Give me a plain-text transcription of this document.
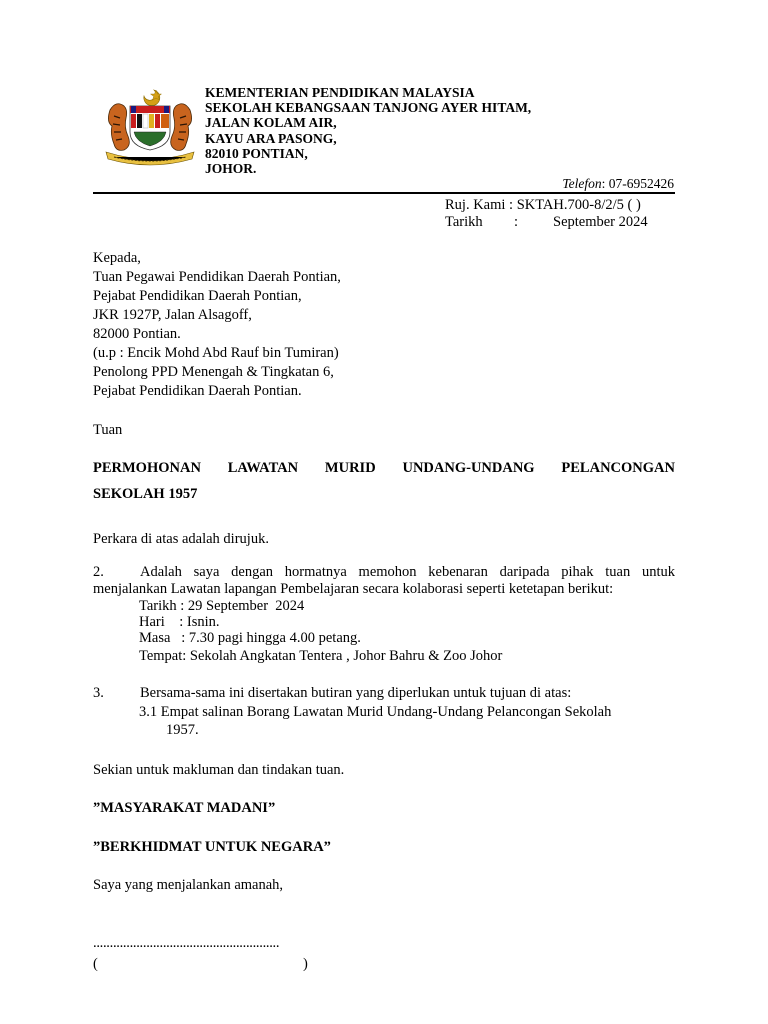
KEMENTERIAN PENDIDIKAN MALAYSIA
SEKOLAH KEBANGSAAN TANJONG AYER HITAM,
JALAN KOLAM AIR,
KAYU ARA PASONG,
82010 PONTIAN,
JOHOR.
Telefon: 07-6952426
Ruj. Kami : SKTAH.700-8/2/5 ( )
Tarikh : September 2024
Kepada,
Tuan Pegawai Pendidikan Daerah Pontian,
Pejabat Pendidikan Daerah Pontian,
JKR 1927P, Jalan Alsagoff,
82000 Pontian.
(u.p : Encik Mohd Abd Rauf bin Tumiran)
Penolong PPD Menengah & Tingkatan 6,
Pejabat Pendidikan Daerah Pontian.
Tuan
PERMOHONAN LAWATAN MURID UNDANG-UNDANG PELANCONGAN
SEKOLAH 1957
Perkara di atas adalah dirujuk.
2. Adalah saya dengan hormatnya memohon kebenaran daripada pihak tuan untuk
menjalankan Lawatan lapangan Pembelajaran secara kolaborasi seperti ketetapan berikut:
Tarikh : 29 September  2024
Hari    : Isnin.
Masa   : 7.30 pagi hingga 4.00 petang.
Tempat: Sekolah Angkatan Tentera , Johor Bahru & Zoo Johor
3. Bersama-sama ini disertakan butiran yang diperlukan untuk tujuan di atas:
3.1 Empat salinan Borang Lawatan Murid Undang-Undang Pelancongan Sekolah
1957.
Sekian untuk makluman dan tindakan tuan.
”MASYARAKAT MADANI”
”BERKHIDMAT UNTUK NEGARA”
Saya yang menjalankan amanah,
........................................................
(	)
